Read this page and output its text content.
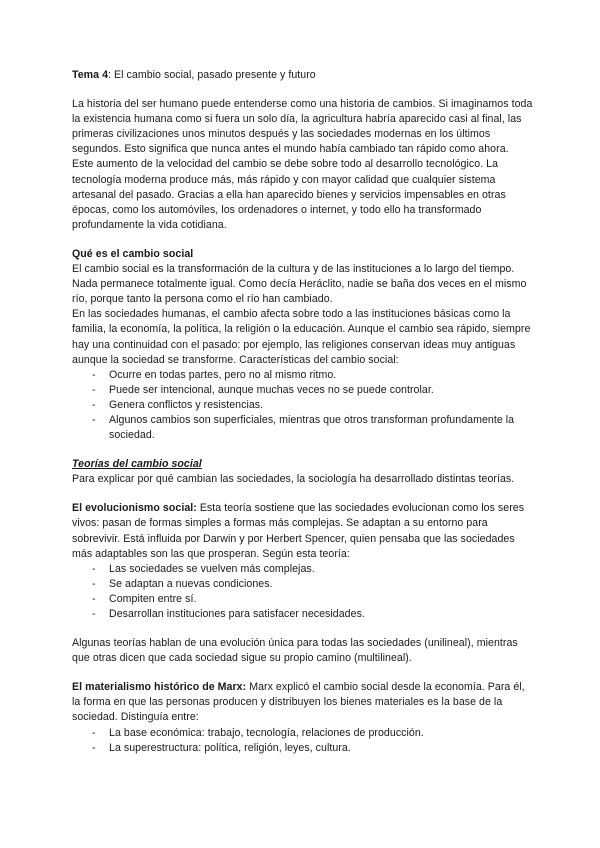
Tema 4: El cambio social, pasado presente y futuro

La historia del ser humano puede entenderse como una historia de cambios. Si imaginamos toda la existencia humana como si fuera un solo día, la agricultura habría aparecido casi al final, las primeras civilizaciones unos minutos después y las sociedades modernas en los últimos segundos. Esto significa que nunca antes el mundo había cambiado tan rápido como ahora.

Este aumento de la velocidad del cambio se debe sobre todo al desarrollo tecnológico. La tecnología moderna produce más, más rápido y con mayor calidad que cualquier sistema artesanal del pasado. Gracias a ella han aparecido bienes y servicios impensables en otras épocas, como los automóviles, los ordenadores o internet, y todo ello ha transformado profundamente la vida cotidiana.

Qué es el cambio social

El cambio social es la transformación de la cultura y de las instituciones a lo largo del tiempo. Nada permanece totalmente igual. Como decía Heráclito, nadie se baña dos veces en el mismo río, porque tanto la persona como el río han cambiado.

En las sociedades humanas, el cambio afecta sobre todo a las instituciones básicas como la familia, la economía, la política, la religión o la educación. Aunque el cambio sea rápido, siempre hay una continuidad con el pasado: por ejemplo, las religiones conservan ideas muy antiguas aunque la sociedad se transforme. Características del cambio social:

- Ocurre en todas partes, pero no al mismo ritmo.
- Puede ser intencional, aunque muchas veces no se puede controlar.
- Genera conflictos y resistencias.
- Algunos cambios son superficiales, mientras que otros transforman profundamente la sociedad.

Teorías del cambio social

Para explicar por qué cambian las sociedades, la sociología ha desarrollado distintas teorías.

El evolucionismo social: Esta teoría sostiene que las sociedades evolucionan como los seres vivos: pasan de formas simples a formas más complejas. Se adaptan a su entorno para sobrevivir. Está influida por Darwin y por Herbert Spencer, quien pensaba que las sociedades más adaptables son las que prosperan. Según esta teoría:

- Las sociedades se vuelven más complejas.
- Se adaptan a nuevas condiciones.
- Compiten entre sí.
- Desarrollan instituciones para satisfacer necesidades.

Algunas teorías hablan de una evolución única para todas las sociedades (unilineal), mientras que otras dicen que cada sociedad sigue su propio camino (multilineal).

El materialismo histórico de Marx: Marx explicó el cambio social desde la economía. Para él, la forma en que las personas producen y distribuyen los bienes materiales es la base de la sociedad. Distinguía entre:

- La base económica: trabajo, tecnología, relaciones de producción.
- La superestructura: política, religión, leyes, cultura.
